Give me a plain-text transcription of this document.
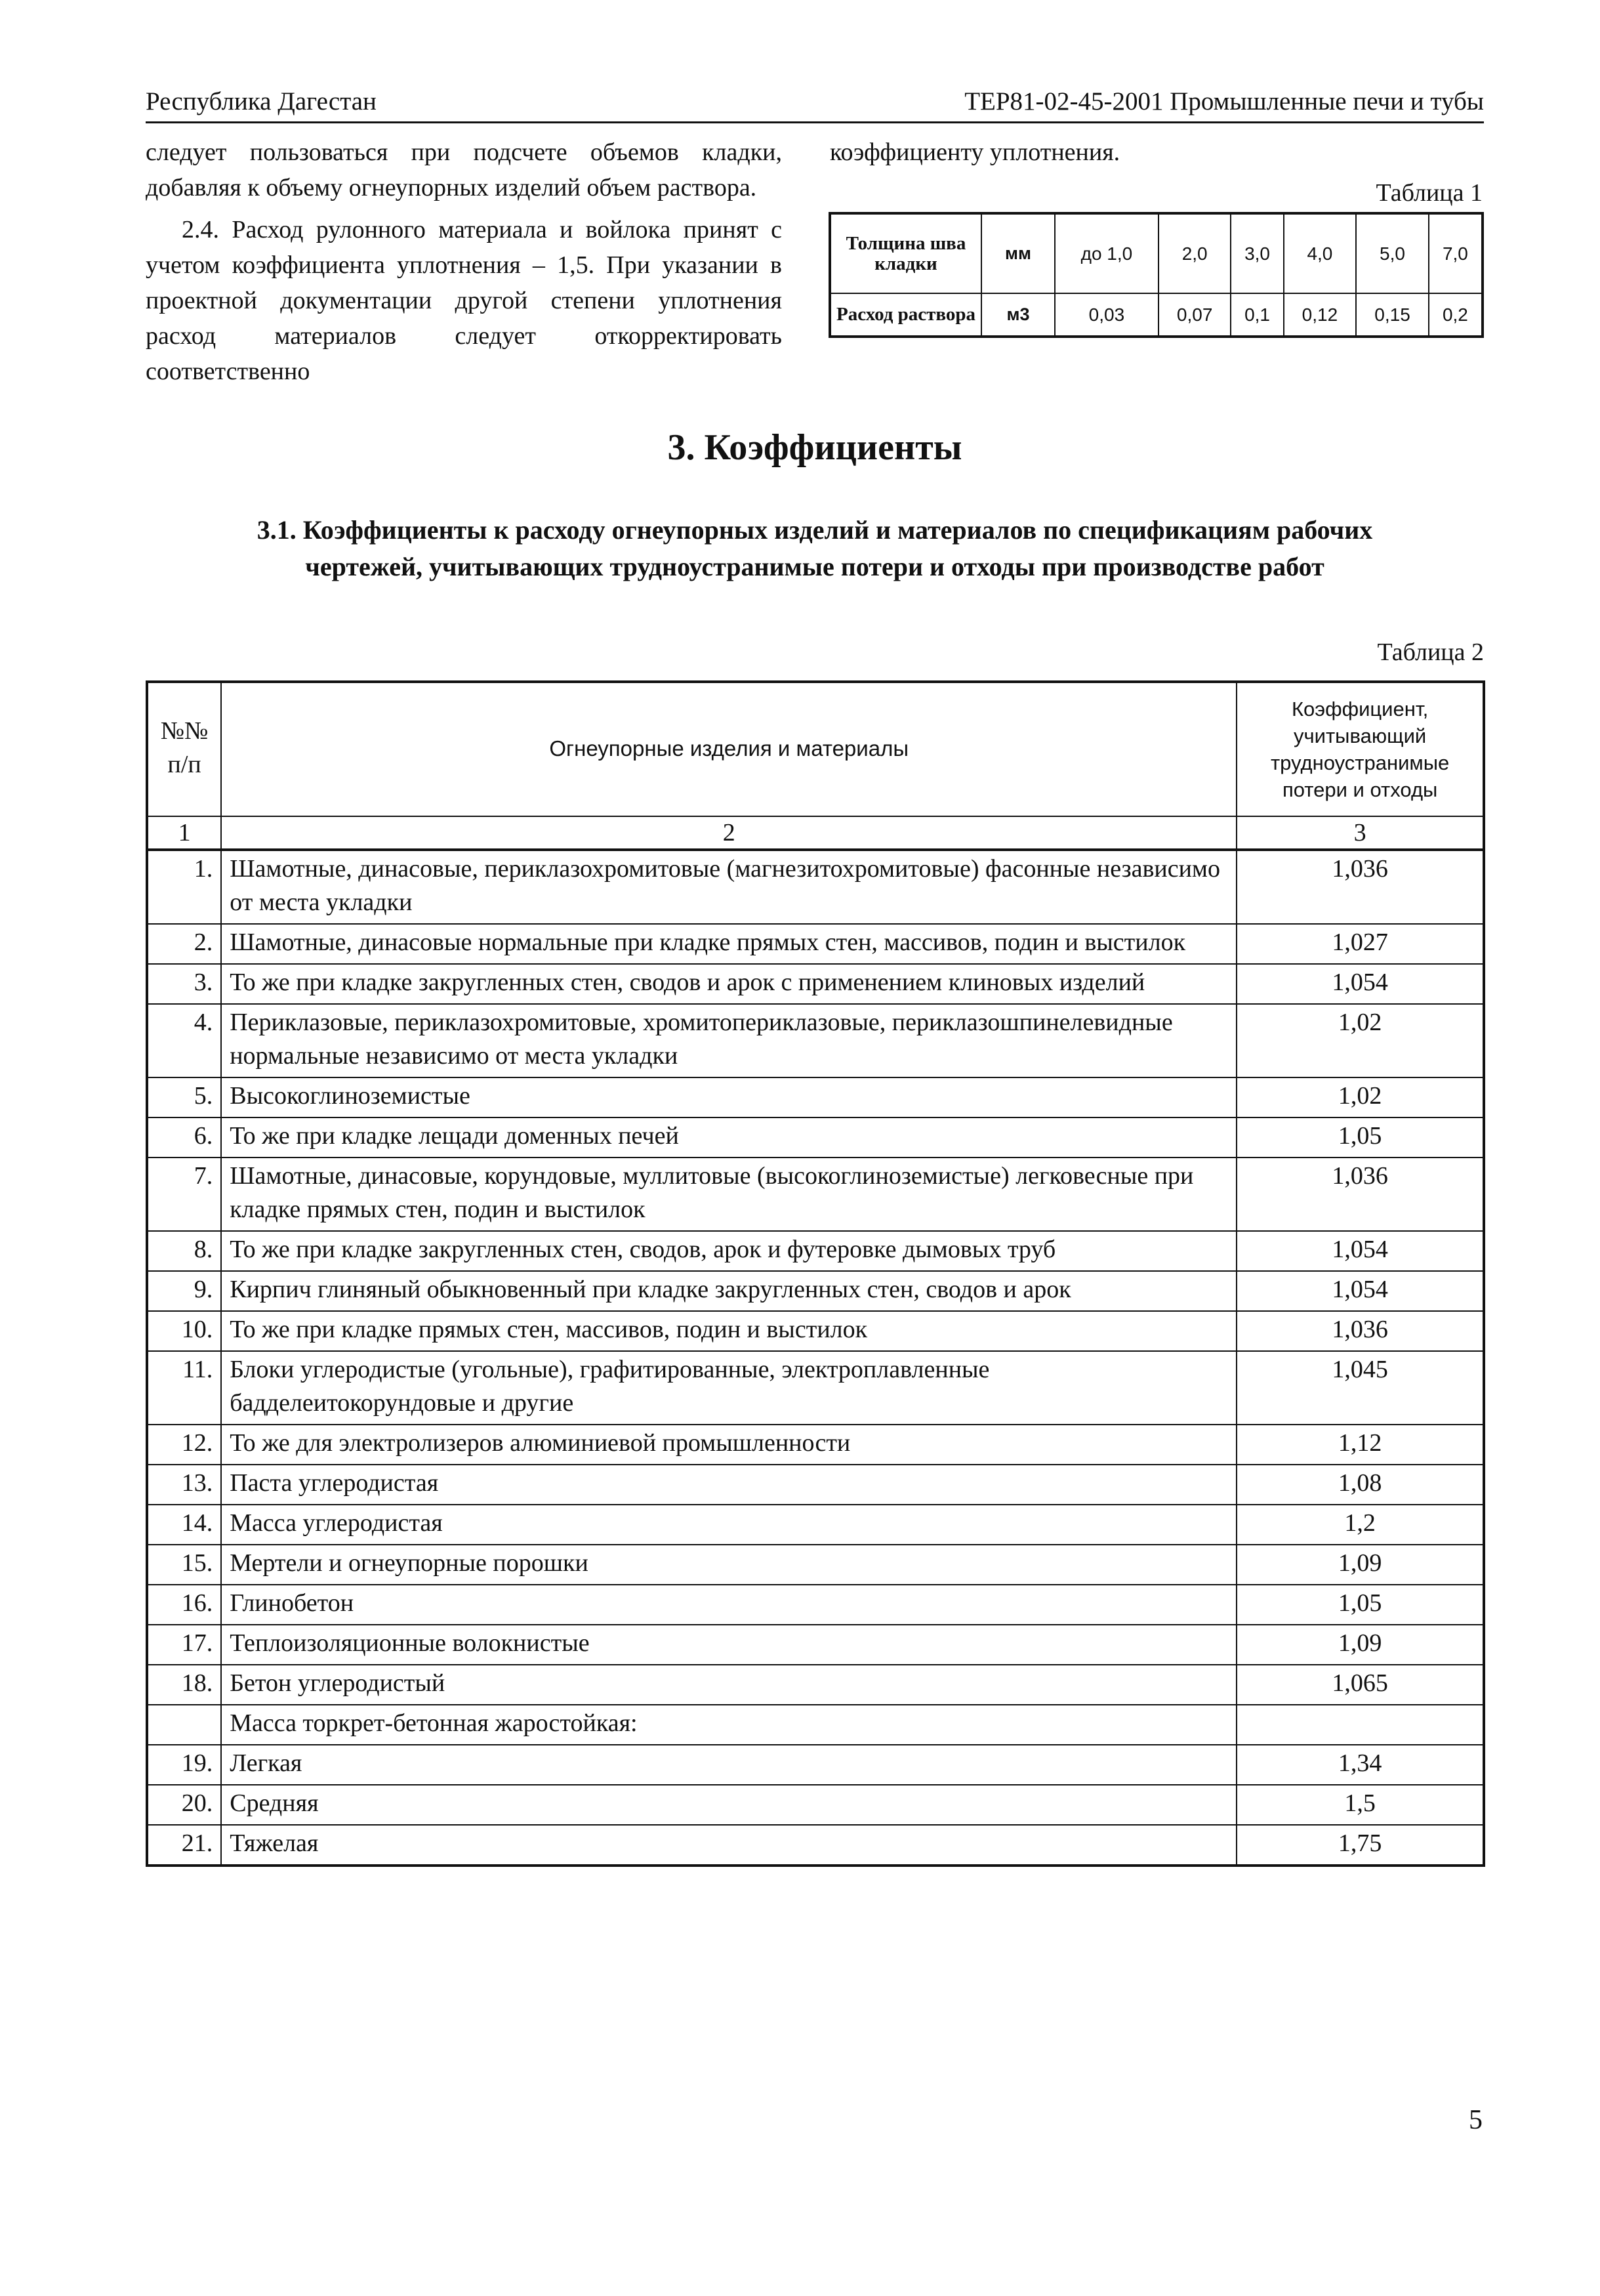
Республика Дагестан	ТЕР81-02-45-2001 Промышленные печи и тубы

следует пользоваться при подсчете объемов кладки, добавляя к объему огнеупорных изделий объем раствора.

2.4. Расход рулонного материала и войлока принят с учетом коэффициента уплотнения – 1,5. При указании в проектной документации другой степени уплотнения расход материалов следует откорректировать соответственно

коэффициенту уплотнения.
Таблица 1
Толщина шва кладки	мм	до 1,0	2,0	3,0	4,0	5,0	7,0
Расход раствора	м3	0,03	0,07	0,1	0,12	0,15	0,2
3. Коэффициенты
3.1. Коэффициенты к расходу огнеупорных изделий и материалов по спецификациям рабочих чертежей, учитывающих трудноустранимые потери и отходы при производстве работ
Таблица 2
№№ п/п	Огнеупорные изделия и материалы	Коэффициент, учитывающий трудноустранимые потери и отходы
1	2	3
1.	Шамотные, динасовые, периклазохромитовые (магнезитохромитовые) фасонные независимо от места укладки	1,036
2.	Шамотные, динасовые нормальные при кладке прямых стен, массивов, подин и выстилок	1,027
3.	То же при кладке закругленных стен, сводов и арок с применением клиновых изделий	1,054
4.	Периклазовые, периклазохромитовые, хромитопериклазовые, периклазошпинелевидные нормальные независимо от места укладки	1,02
5.	Высокоглиноземистые	1,02
6.	То же при кладке лещади доменных печей	1,05
7.	Шамотные, динасовые, корундовые, муллитовые (высокоглиноземистые) легковесные при кладке прямых стен, подин и выстилок	1,036
8.	То же при кладке закругленных стен, сводов, арок и футеровке дымовых труб	1,054
9.	Кирпич глиняный обыкновенный при кладке закругленных стен, сводов и арок	1,054
10.	То же при кладке прямых стен, массивов, подин и выстилок	1,036
11.	Блоки углеродистые (угольные), графитированные, электроплавленные бадделеитокорундовые и другие	1,045
12.	То же для электролизеров алюминиевой промышленности	1,12
13.	Паста углеродистая	1,08
14.	Масса углеродистая	1,2
15.	Мертели и огнеупорные порошки	1,09
16.	Глинобетон	1,05
17.	Теплоизоляционные волокнистые	1,09
18.	Бетон углеродистый	1,065
	Масса торкрет-бетонная жаростойкая:	
19.	Легкая	1,34
20.	Средняя	1,5
21.	Тяжелая	1,75
5
